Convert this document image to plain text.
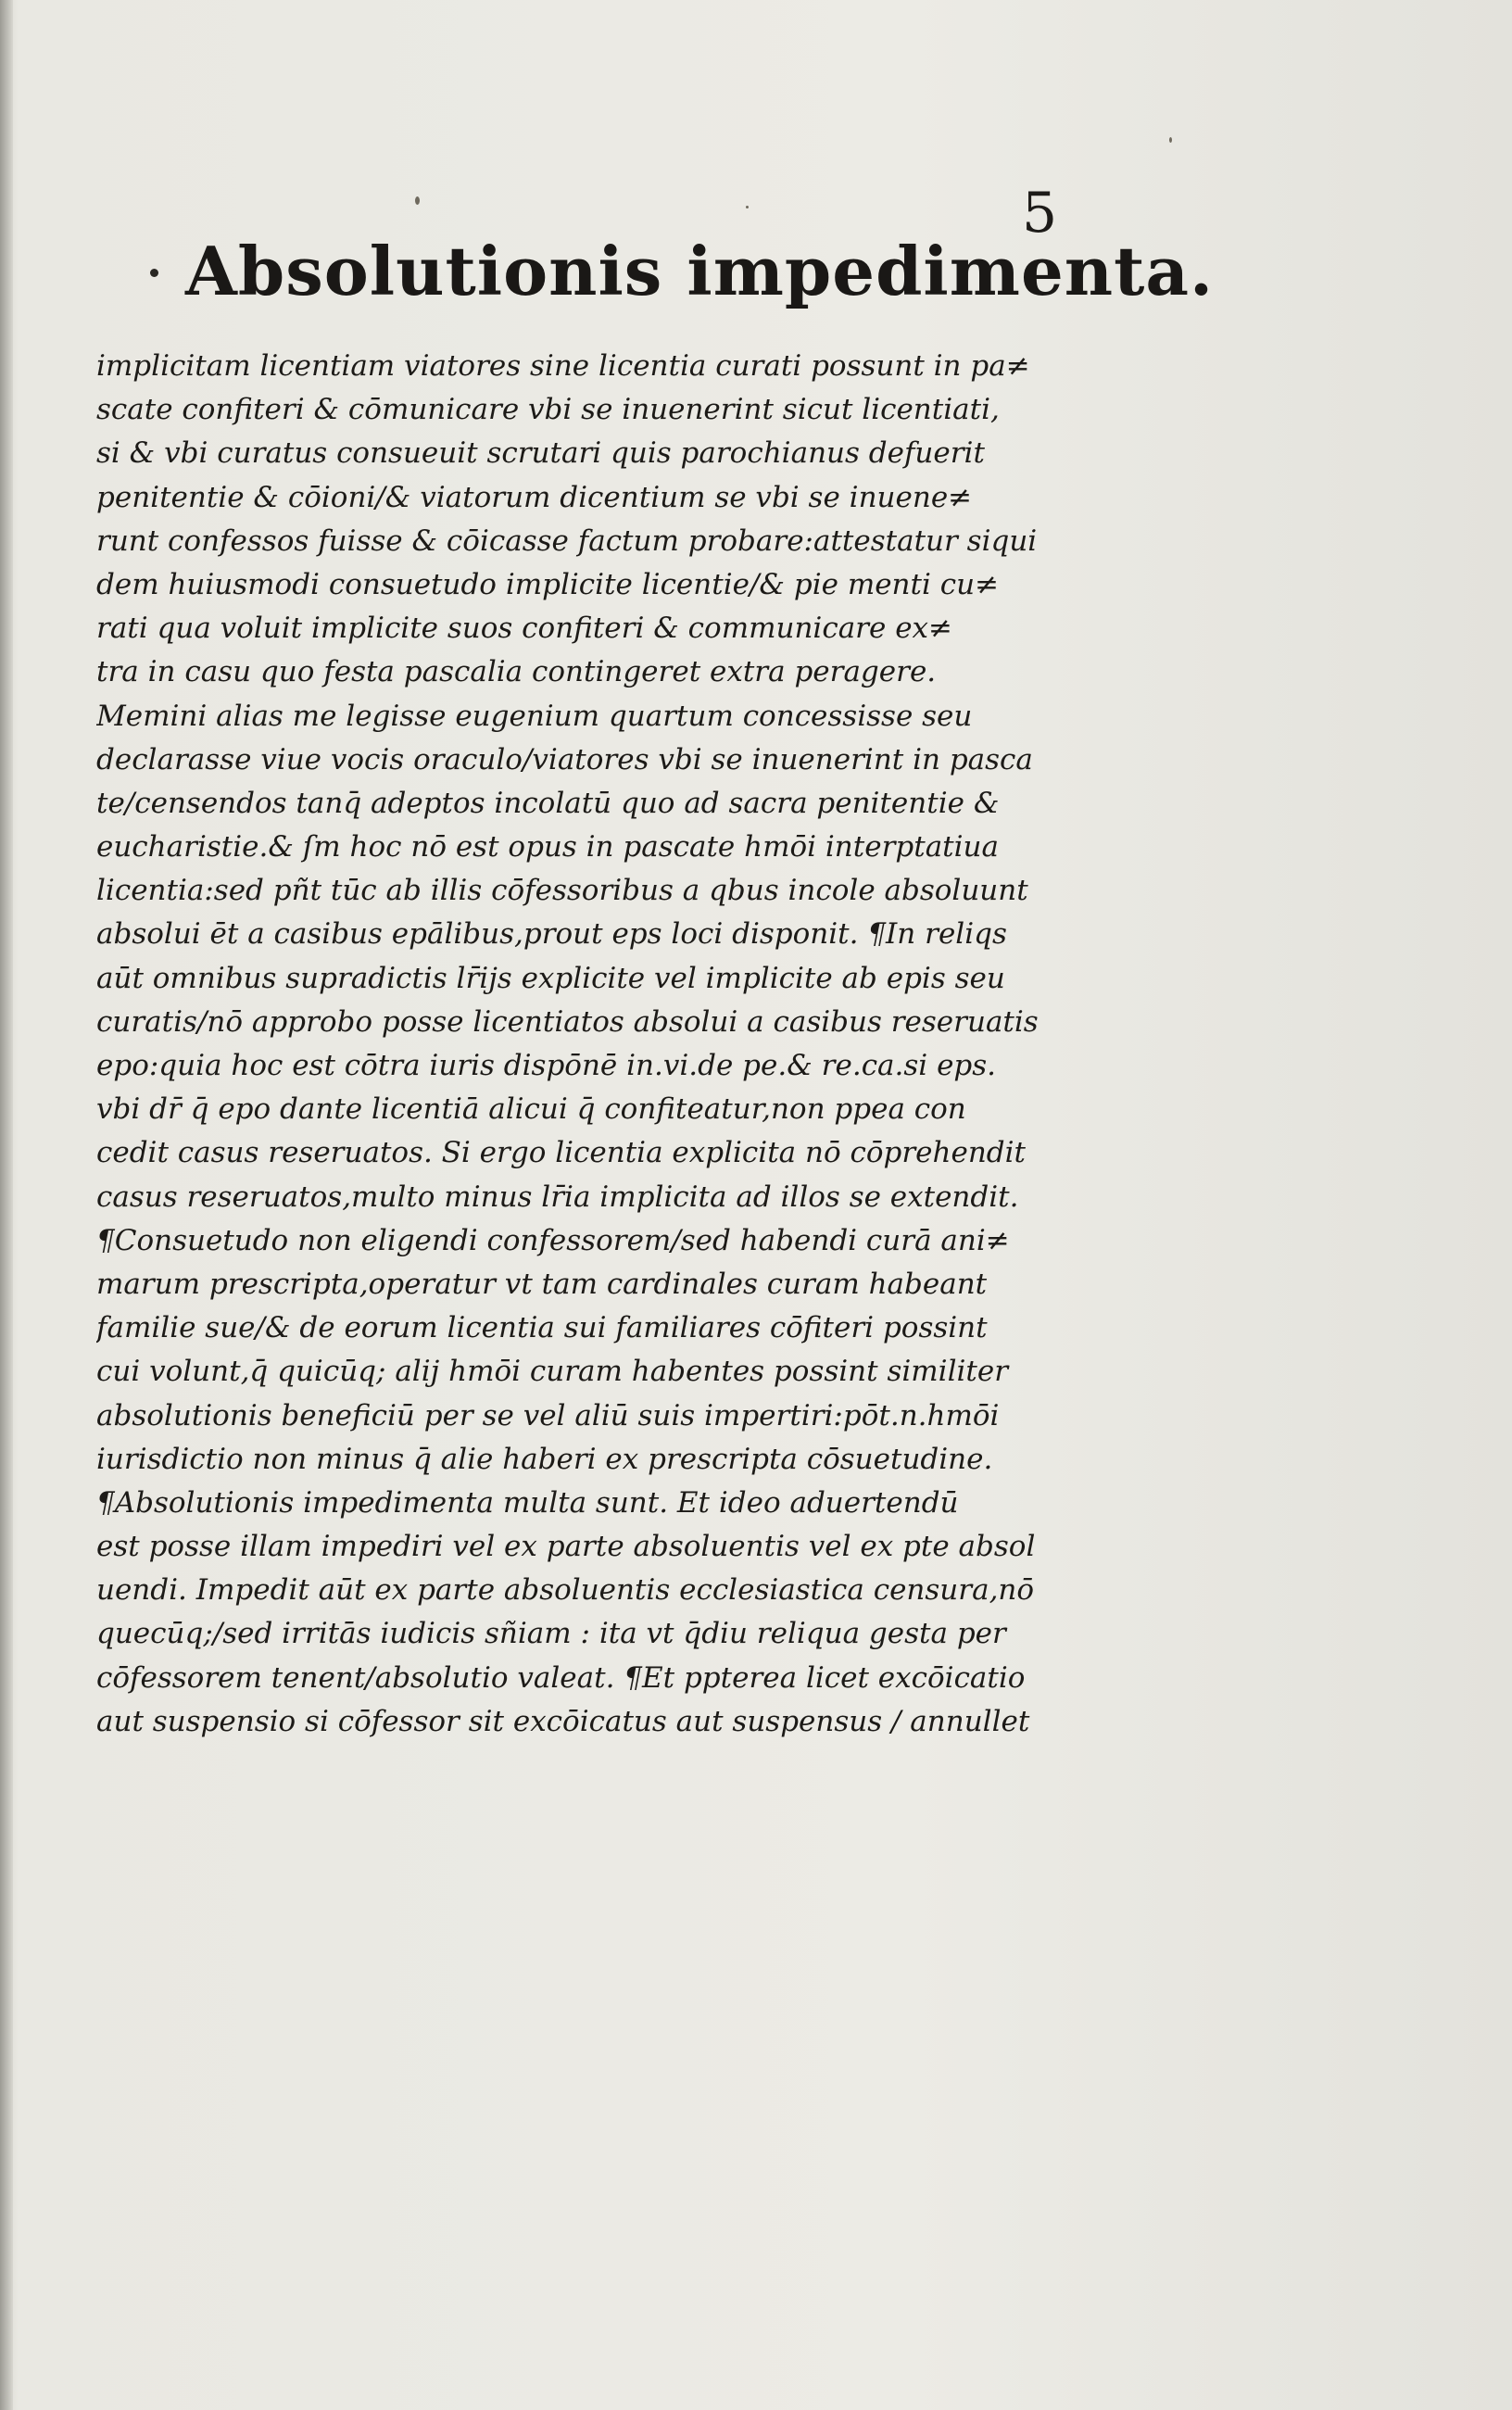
5
Absolutionis impedimenta.
implicitam licentiam viatores sine licentia curati possunt in pa≠
scate confiteri & cōmunicare vbi se inuenerint sicut licentiati,
si & vbi curatus consueuit scrutari quis parochianus defuerit
penitentie & cōioni/& viatorum dicentium se vbi se inuene≠
runt confessos fuisse & cōicasse factum probare:attestatur siqui
dem huiusmodi consuetudo implicite licentie/& pie menti cu≠
rati qua voluit implicite suos confiteri & communicare ex≠
tra in casu quo festa pascalia contingeret extra peragere.
Memini alias me legisse eugenium quartum concessisse seu
declarasse viue vocis oraculo/viatores vbi se inuenerint in pasca
te/censendos tanq̄ adeptos incolatū quo ad sacra penitentie &
eucharistie.& ſm hoc nō est opus in pascate hmōi interptatiua
licentia:sed pñt tūc ab illis cōfessoribus a qbus incole absoluunt
absolui ēt a casibus epālibus,prout eps loci disponit. ¶In reliqs
aūt omnibus supradictis lr̄ijs explicite vel implicite ab epis seu
curatis/nō approbo posse licentiatos absolui a casibus reseruatis
epo:quia hoc est cōtra iuris dispōnē in.vi.de pe.& re.ca.si eps.
vbi dr̄ q̄ epo dante licentiā alicui q̄ confiteatur,non ppea con
cedit casus reseruatos. Si ergo licentia explicita nō cōprehendit
casus reseruatos,multo minus lr̄ia implicita ad illos se extendit.
¶Consuetudo non eligendi confessorem/sed habendi curā ani≠
marum prescripta,operatur vt tam cardinales curam habeant
familie sue/& de eorum licentia sui familiares cōfiteri possint
cui volunt,q̄ quicūq; alij hmōi curam habentes possint similiter
absolutionis beneficiū per se vel aliū suis impertiri:pōt.n.hmōi
iurisdictio non minus q̄ alie haberi ex prescripta cōsuetudine.
¶Absolutionis impedimenta multa sunt. Et ideo aduertendū
est posse illam impediri vel ex parte absoluentis vel ex pte absol
uendi. Impedit aūt ex parte absoluentis ecclesiastica censura,nō
quecūq;/sed irritās iudicis sñiam : ita vt q̄diu reliqua gesta per
cōfessorem tenent/absolutio valeat. ¶Et ppterea licet excōicatio
aut suspensio si cōfessor sit excōicatus aut suspensus / annullet
